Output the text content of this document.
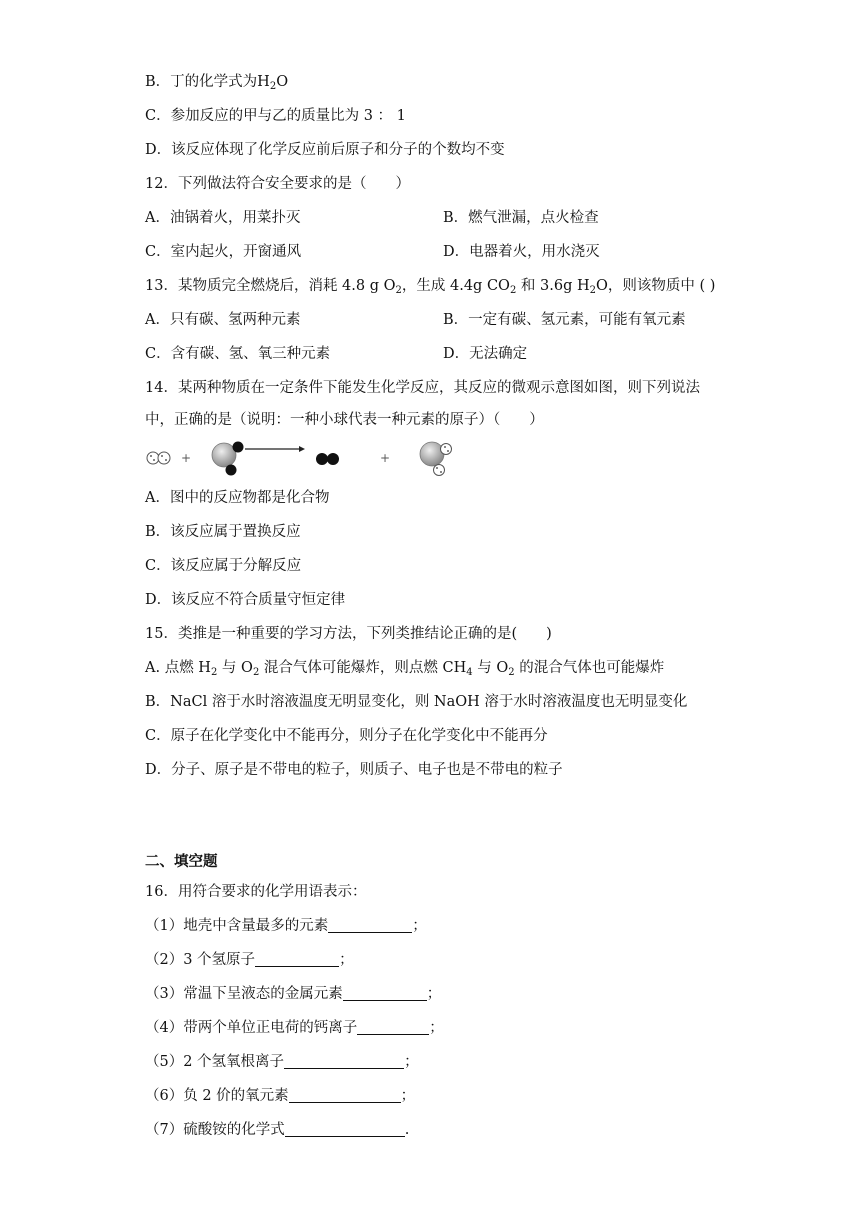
B．丁的化学式为$H_2O$
C．参加反应的甲与乙的质量比为 3 ： 1
D．该反应体现了化学反应前后原子和分子的个数均不变
12．下列做法符合安全要求的是（　　）
A．油锅着火，用菜扑灭	B．燃气泄漏，点火检查
C．室内起火，开窗通风	D．电器着火，用水浇灭
13．某物质完全燃烧后，消耗 4.8 g $O_2$，生成 4.4g $CO_2$ 和 3.6g $H_2O$，则该物质中 ( )
A．只有碳、氢两种元素	B．一定有碳、氢元素，可能有氧元素
C．含有碳、氢、氧三种元素	D．无法确定
14．某两种物质在一定条件下能发生化学反应，其反应的微观示意图如图，则下列说法
中，正确的是（说明：一种小球代表一种元素的原子）（　　）
+	+
A．图中的反应物都是化合物
B．该反应属于置换反应
C．该反应属于分解反应
D．该反应不符合质量守恒定律
15．类推是一种重要的学习方法，下列类推结论正确的是(　　)
A. 点燃 $H_2$ 与 $O_2$ 混合气体可能爆炸，则点燃 $CH_4$ 与 $O_2$ 的混合气体也可能爆炸
B．NaCl 溶于水时溶液温度无明显变化，则 NaOH 溶于水时溶液温度也无明显变化
C．原子在化学变化中不能再分，则分子在化学变化中不能再分
D．分子、原子是不带电的粒子，则质子、电子也是不带电的粒子
二、填空题
16．用符合要求的化学用语表示：
（1）地壳中含量最多的元素	；
（2）3 个氢原子	；
（3）常温下呈液态的金属元素	；
（4）带两个单位正电荷的钙离子	；
（5）2 个氢氧根离子	；
（6）负 2 价的氧元素	；
（7）硫酸铵的化学式	.
